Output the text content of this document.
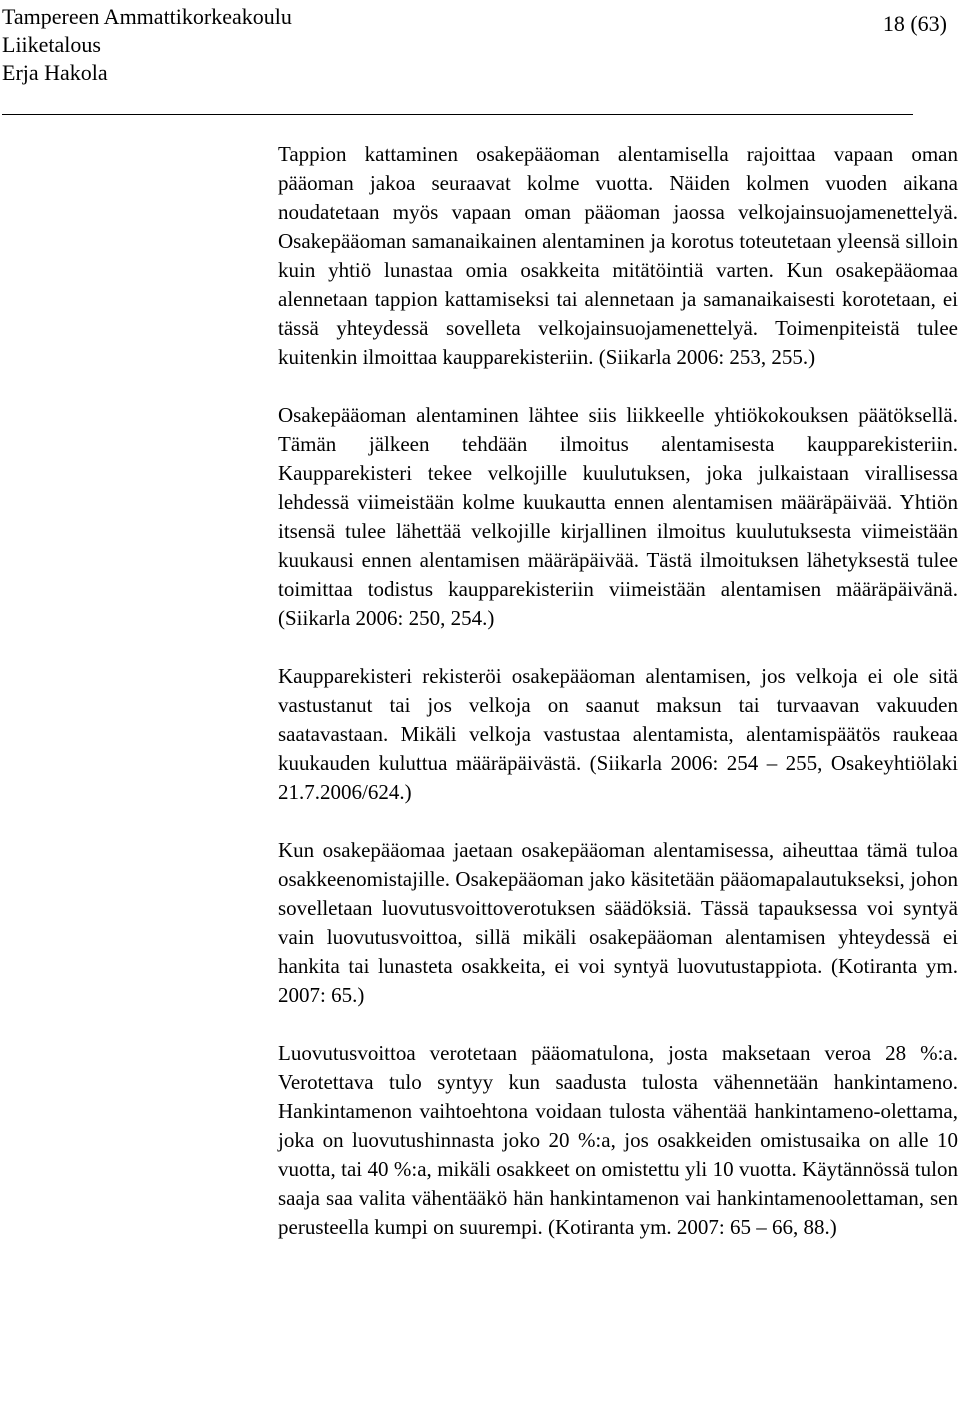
Tampereen Ammattikorkeakoulu
Liiketalous
Erja Hakola
18 (63)

Tappion kattaminen osakepääoman alentamisella rajoittaa vapaan oman pääoman jakoa seuraavat kolme vuotta. Näiden kolmen vuoden aikana noudatetaan myös vapaan oman pääoman jaossa velkojainsuojamenettelyä. Osakepääoman samanaikainen alentaminen ja korotus toteutetaan yleensä silloin kuin yhtiö lunastaa omia osakkeita mitätöintiä varten. Kun osakepääomaa alennetaan tappion kattamiseksi tai alennetaan ja samanaikaisesti korotetaan, ei tässä yhteydessä sovelleta velkojainsuojamenettelyä. Toimenpiteistä tulee kuitenkin ilmoittaa kaupparekisteriin. (Siikarla 2006: 253, 255.)

Osakepääoman alentaminen lähtee siis liikkeelle yhtiökokouksen päätöksellä. Tämän jälkeen tehdään ilmoitus alentamisesta kaupparekisteriin. Kaupparekisteri tekee velkojille kuulutuksen, joka julkaistaan virallisessa lehdessä viimeistään kolme kuukautta ennen alentamisen määräpäivää. Yhtiön itsensä tulee lähettää velkojille kirjallinen ilmoitus kuulutuksesta viimeistään kuukausi ennen alentamisen määräpäivää. Tästä ilmoituksen lähetyksestä tulee toimittaa todistus kaupparekisteriin viimeistään alentamisen määräpäivänä. (Siikarla 2006: 250, 254.)

Kaupparekisteri rekisteröi osakepääoman alentamisen, jos velkoja ei ole sitä vastustanut tai jos velkoja on saanut maksun tai turvaavan vakuuden saatavastaan. Mikäli velkoja vastustaa alentamista, alentamispäätös raukeaa kuukauden kuluttua määräpäivästä. (Siikarla 2006: 254 – 255, Osakeyhtiölaki 21.7.2006/624.)

Kun osakepääomaa jaetaan osakepääoman alentamisessa, aiheuttaa tämä tuloa osakkeenomistajille. Osakepääoman jako käsitetään pääomapalautukseksi, johon sovelletaan luovutusvoittoverotuksen säädöksiä. Tässä tapauksessa voi syntyä vain luovutusvoittoa, sillä mikäli osakepääoman alentamisen yhteydessä ei hankita tai lunasteta osakkeita, ei voi syntyä luovutustappiota. (Kotiranta ym. 2007: 65.)

Luovutusvoittoa verotetaan pääomatulona, josta maksetaan veroa 28 %:a. Verotettava tulo syntyy kun saadusta tulosta vähennetään hankintameno. Hankintamenon vaihtoehtona voidaan tulosta vähentää hankintameno-olettama, joka on luovutushinnasta joko 20 %:a, jos osakkeiden omistusaika on alle 10 vuotta, tai 40 %:a, mikäli osakkeet on omistettu yli 10 vuotta. Käytännössä tulon saaja saa valita vähentääkö hän hankintamenon vai hankintamenoolettaman, sen perusteella kumpi on suurempi. (Kotiranta ym. 2007: 65 – 66, 88.)
